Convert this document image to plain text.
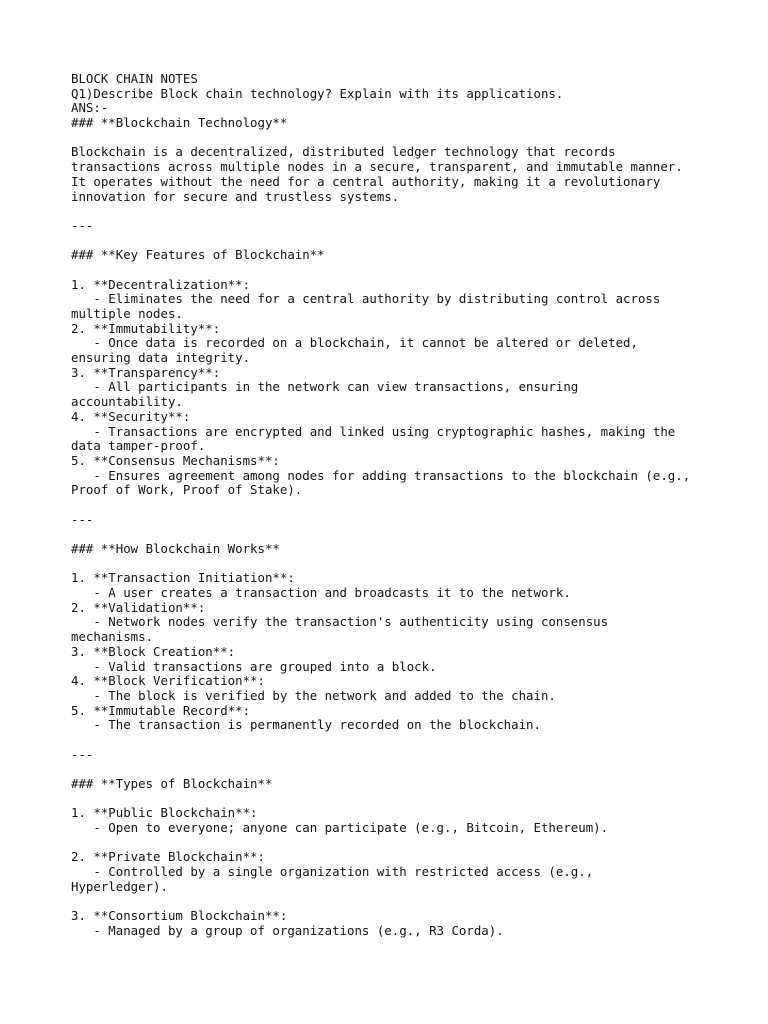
BLOCK CHAIN NOTES
Q1)Describe Block chain technology? Explain with its applications.
ANS:-
### **Blockchain Technology**
Blockchain is a decentralized, distributed ledger technology that records
transactions across multiple nodes in a secure, transparent, and immutable manner.
It operates without the need for a central authority, making it a revolutionary
innovation for secure and trustless systems.
---
### **Key Features of Blockchain**
1. **Decentralization**:
- Eliminates the need for a central authority by distributing control across
multiple nodes.
2. **Immutability**:
- Once data is recorded on a blockchain, it cannot be altered or deleted,
ensuring data integrity.
3. **Transparency**:
- All participants in the network can view transactions, ensuring
accountability.
4. **Security**:
- Transactions are encrypted and linked using cryptographic hashes, making the
data tamper-proof.
5. **Consensus Mechanisms**:
- Ensures agreement among nodes for adding transactions to the blockchain (e.g.,
Proof of Work, Proof of Stake).
---
### **How Blockchain Works**
1. **Transaction Initiation**:
- A user creates a transaction and broadcasts it to the network.
2. **Validation**:
- Network nodes verify the transaction's authenticity using consensus
mechanisms.
3. **Block Creation**:
- Valid transactions are grouped into a block.
4. **Block Verification**:
- The block is verified by the network and added to the chain.
5. **Immutable Record**:
- The transaction is permanently recorded on the blockchain.
---
### **Types of Blockchain**
1. **Public Blockchain**:
- Open to everyone; anyone can participate (e.g., Bitcoin, Ethereum).
2. **Private Blockchain**:
- Controlled by a single organization with restricted access (e.g.,
Hyperledger).
3. **Consortium Blockchain**:
- Managed by a group of organizations (e.g., R3 Corda).
